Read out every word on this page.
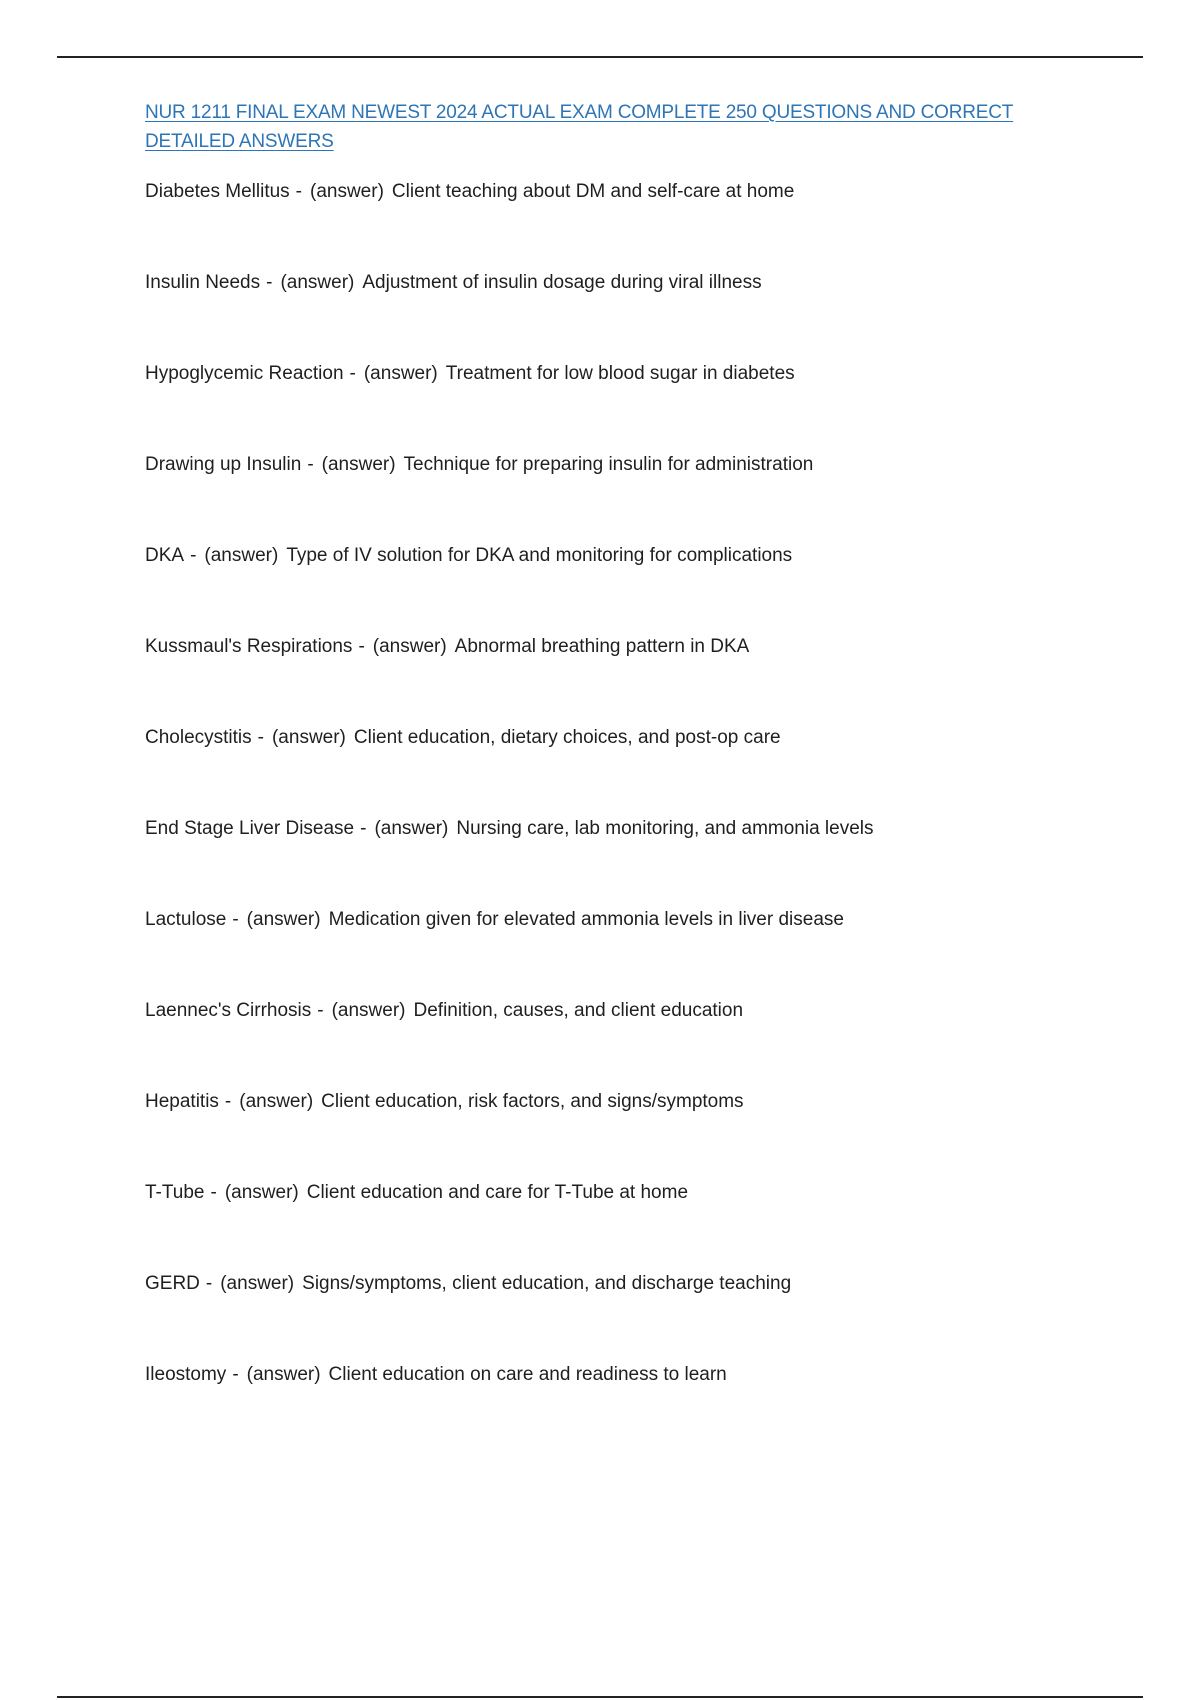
NUR 1211 FINAL EXAM NEWEST 2024 ACTUAL EXAM COMPLETE 250 QUESTIONS AND CORRECT DETAILED ANSWERS
Diabetes Mellitus - (answer) Client teaching about DM and self-care at home
Insulin Needs - (answer) Adjustment of insulin dosage during viral illness
Hypoglycemic Reaction - (answer) Treatment for low blood sugar in diabetes
Drawing up Insulin - (answer) Technique for preparing insulin for administration
DKA - (answer) Type of IV solution for DKA and monitoring for complications
Kussmaul's Respirations - (answer) Abnormal breathing pattern in DKA
Cholecystitis - (answer) Client education, dietary choices, and post-op care
End Stage Liver Disease - (answer) Nursing care, lab monitoring, and ammonia levels
Lactulose - (answer) Medication given for elevated ammonia levels in liver disease
Laennec's Cirrhosis - (answer) Definition, causes, and client education
Hepatitis - (answer) Client education, risk factors, and signs/symptoms
T-Tube - (answer) Client education and care for T-Tube at home
GERD - (answer) Signs/symptoms, client education, and discharge teaching
Ileostomy - (answer) Client education on care and readiness to learn
